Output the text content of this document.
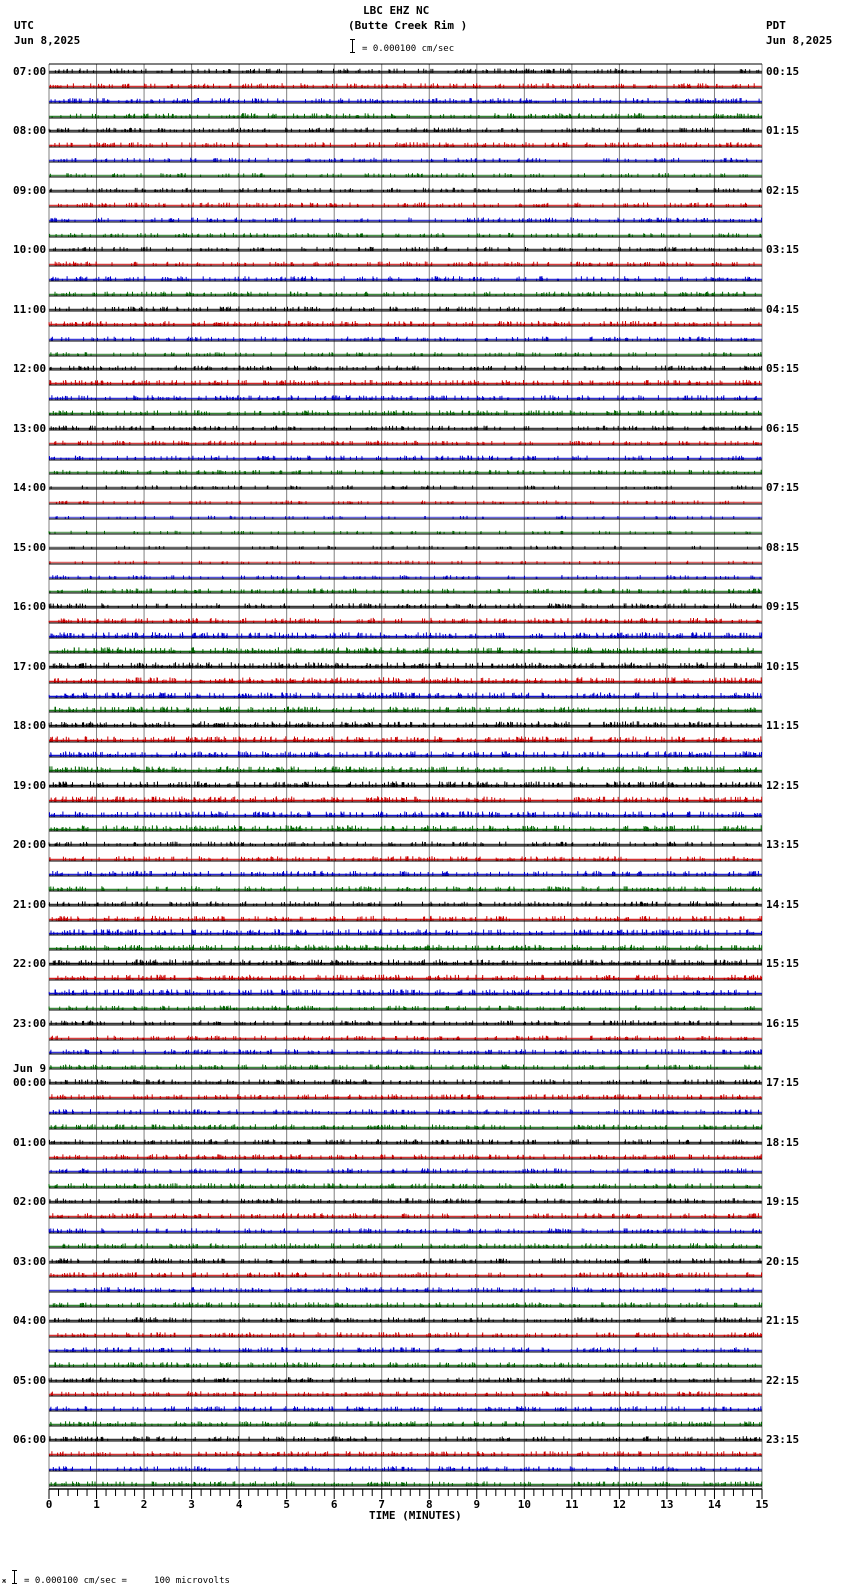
LBC EHZ NC
(Butte Creek Rim )
UTC
Jun 8,2025
PDT
Jun 8,2025
= 0.000100 cm/sec
0	1	2	3	4	5	6	7	8	9	10	11	12	13	14	15
07:00
08:00
09:00
10:00
11:00
12:00
13:00
14:00
15:00
16:00
17:00
18:00
19:00
20:00
21:00
22:00
23:00
00:00
Jun 9
01:00
02:00
03:00
04:00
05:00
06:00
00:15
01:15
02:15
03:15
04:15
05:15
06:15
07:15
08:15
09:15
10:15
11:15
12:15
13:15
14:15
15:15
16:15
17:15
18:15
19:15
20:15
21:15
22:15
23:15
TIME (MINUTES)
ж = 0.000100 cm/sec =     100 microvolts
